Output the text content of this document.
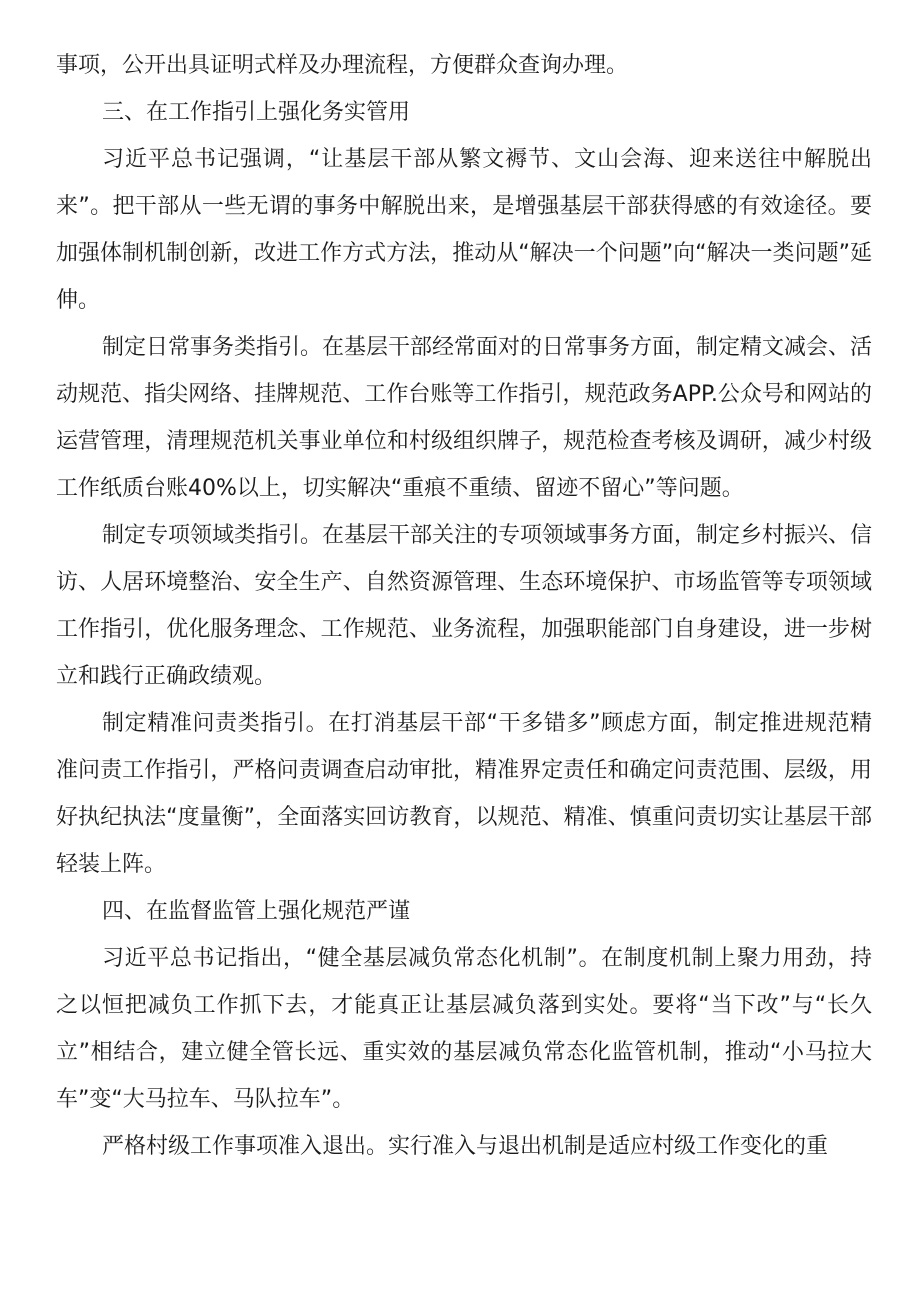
事项，公开出具证明式样及办理流程，方便群众查询办理。

三、在工作指引上强化务实管用

习近平总书记强调，“让基层干部从繁文褥节、文山会海、迎来送往中解脱出来”。把干部从一些无谓的事务中解脱出来，是增强基层干部获得感的有效途径。要加强体制机制创新，改进工作方式方法，推动从“解决一个问题”向“解决一类问题”延伸。

制定日常事务类指引。在基层干部经常面对的日常事务方面，制定精文减会、活动规范、指尖网络、挂牌规范、工作台账等工作指引，规范政务APP.公众号和网站的运营管理，清理规范机关事业单位和村级组织牌子，规范检查考核及调研，减少村级工作纸质台账40%以上，切实解决“重痕不重绩、留迹不留心”等问题。

制定专项领域类指引。在基层干部关注的专项领域事务方面，制定乡村振兴、信访、人居环境整治、安全生产、自然资源管理、生态环境保护、市场监管等专项领域工作指引，优化服务理念、工作规范、业务流程，加强职能部门自身建设，进一步树立和践行正确政绩观。

制定精准问责类指引。在打消基层干部“干多错多”顾虑方面，制定推进规范精准问责工作指引，严格问责调查启动审批，精准界定责任和确定问责范围、层级，用好执纪执法“度量衡”，全面落实回访教育，以规范、精准、慎重问责切实让基层干部轻装上阵。

四、在监督监管上强化规范严谨

习近平总书记指出，“健全基层减负常态化机制”。在制度机制上聚力用劲，持之以恒把减负工作抓下去，才能真正让基层减负落到实处。要将“当下改”与“长久立”相结合，建立健全管长远、重实效的基层减负常态化监管机制，推动“小马拉大车”变“大马拉车、马队拉车”。

严格村级工作事项准入退出。实行准入与退出机制是适应村级工作变化的重
